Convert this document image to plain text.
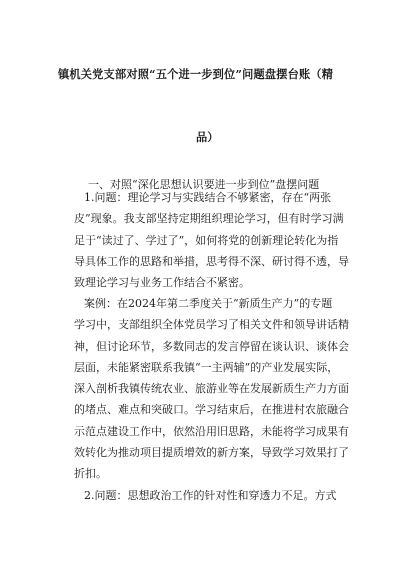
镇机关党支部对照“五个进一步到位”问题盘摆台账（精
品）
一、对照“深化思想认识要进一步到位”盘摆问题
1.问题：理论学习与实践结合不够紧密，存在“两张
皮”现象。我支部坚持定期组织理论学习，但有时学习满
足于“读过了、学过了”，如何将党的创新理论转化为指
导具体工作的思路和举措，思考得不深、研讨得不透，导
致理论学习与业务工作结合不紧密。
案例：在2024年第二季度关于“新质生产力”的专题
学习中，支部组织全体党员学习了相关文件和领导讲话精
神，但讨论环节，多数同志的发言停留在谈认识、谈体会
层面，未能紧密联系我镇“一主两辅”的产业发展实际，
深入剖析我镇传统农业、旅游业等在发展新质生产力方面
的堵点、难点和突破口。学习结束后，在推进村农旅融合
示范点建设工作中，依然沿用旧思路，未能将学习成果有
效转化为推动项目提质增效的新方案，导致学习效果打了
折扣。
2.问题：思想政治工作的针对性和穿透力不足。方式
